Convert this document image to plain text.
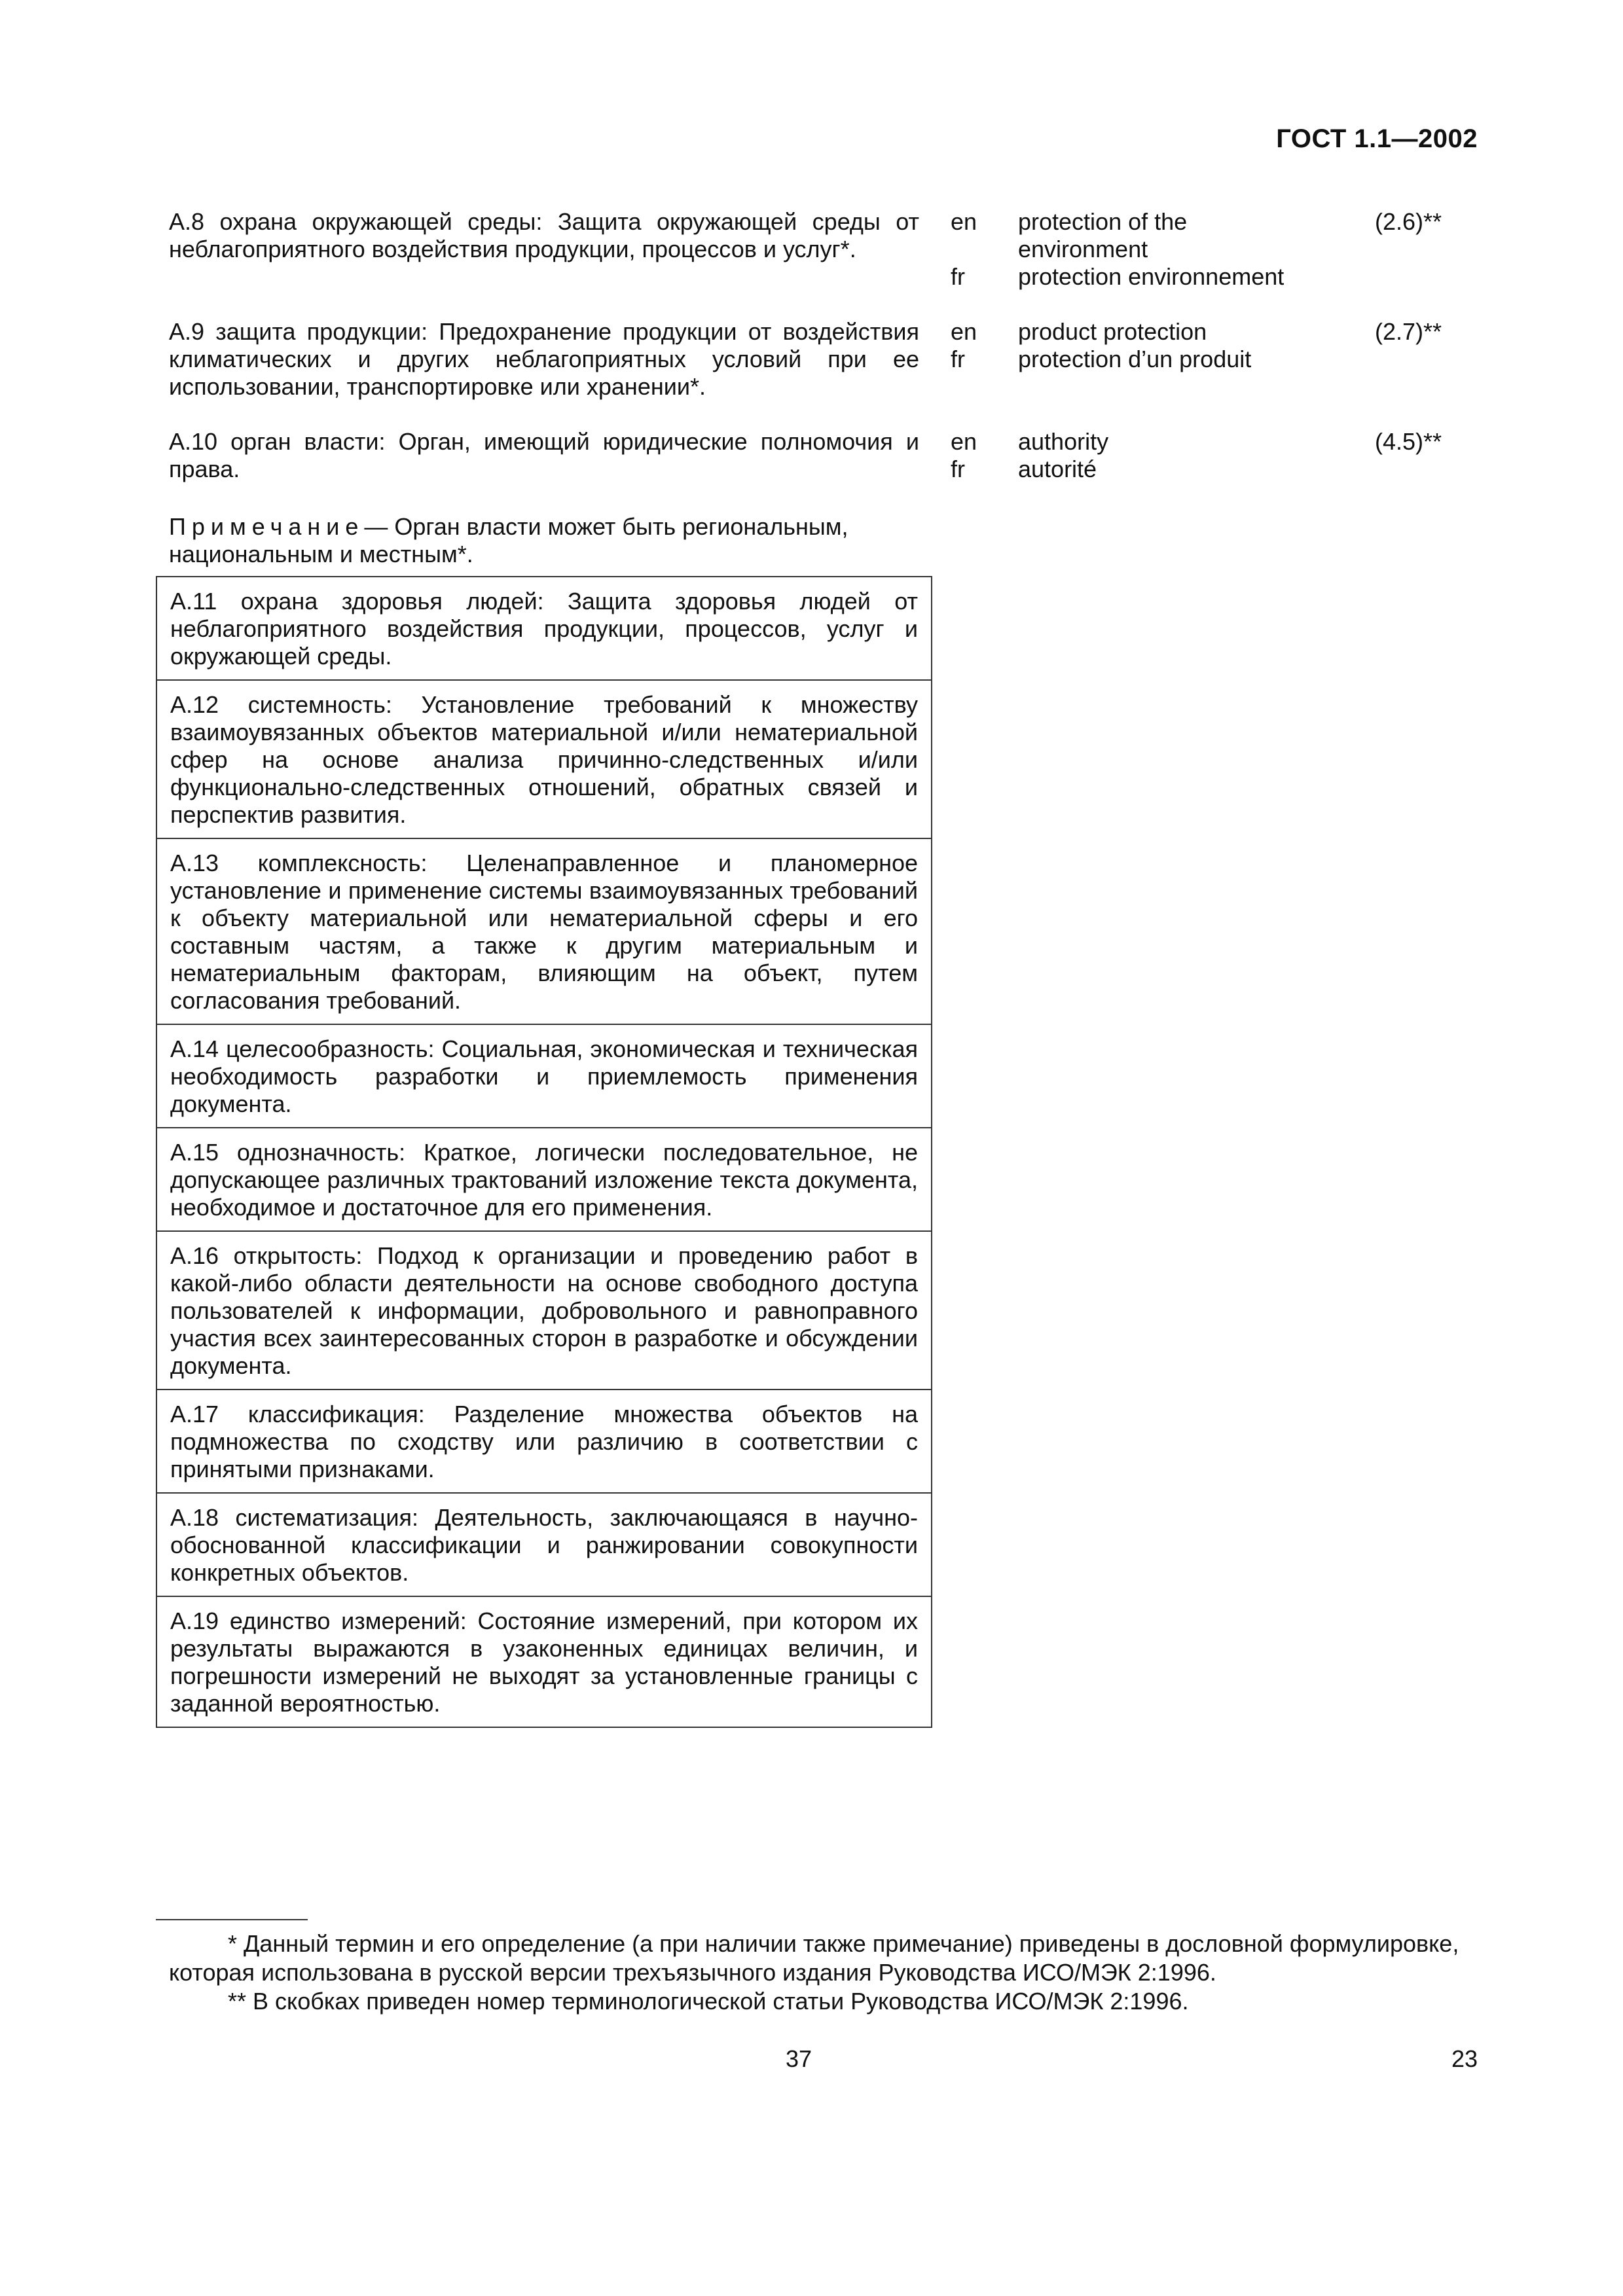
ГОСТ 1.1—2002
А.8 охрана окружающей среды: Защита окружающей среды от неблагоприятного воздействия продукции, процессов и услуг*.
en
fr
protection of the
environment
protection environnement
(2.6)**
А.9 защита продукции: Предохранение продукции от воздействия климатических и других неблагоприятных условий при ее использовании, транспортировке или хранении*.
en
fr
product protection
protection d’un produit
(2.7)**
А.10 орган власти: Орган, имеющий юридические полномочия и права.
en
fr
authority
autorité
(4.5)**
Примечание— Орган власти может быть региональным, национальным и местным*.
А.11 охрана здоровья людей: Защита здоровья людей от неблагоприятного воздействия продукции, процессов, услуг и окружающей среды.
А.12 системность: Установление требований к множеству взаимоувязанных объектов материальной и/или нематериальной сфер на основе анализа причинно-следственных и/или функционально-следственных отношений, обратных связей и перспектив развития.
А.13 комплексность: Целенаправленное и планомерное установление и применение системы взаимоувязанных требований к объекту материальной или нематериальной сферы и его составным частям, а также к другим материальным и нематериальным факторам, влияющим на объект, путем согласования требований.
А.14 целесообразность: Социальная, экономическая и техническая необходимость разработки и приемлемость применения документа.
А.15 однозначность: Краткое, логически последовательное, не допускающее различных трактований изложение текста документа, необходимое и достаточное для его применения.
А.16 открытость: Подход к организации и проведению работ в какой-либо области деятельности на основе свободного доступа пользователей к информации, добровольного и равноправного участия всех заинтересованных сторон в разработке и обсуждении документа.
А.17 классификация: Разделение множества объектов на подмножества по сходству или различию в соответствии с принятыми признаками.
А.18 систематизация: Деятельность, заключающаяся в научно-обоснованной классификации и ранжировании совокупности конкретных объектов.
А.19 единство измерений: Состояние измерений, при котором их результаты выражаются в узаконенных единицах величин, и погрешности измерений не выходят за установленные границы с заданной вероятностью.

* Данный термин и его определение (а при наличии также примечание) приведены в дословной формулировке, которая использована в русской версии трехъязычного издания Руководства ИСО/МЭК 2:1996.

** В скобках приведен номер терминологической статьи Руководства ИСО/МЭК 2:1996.

37	23
